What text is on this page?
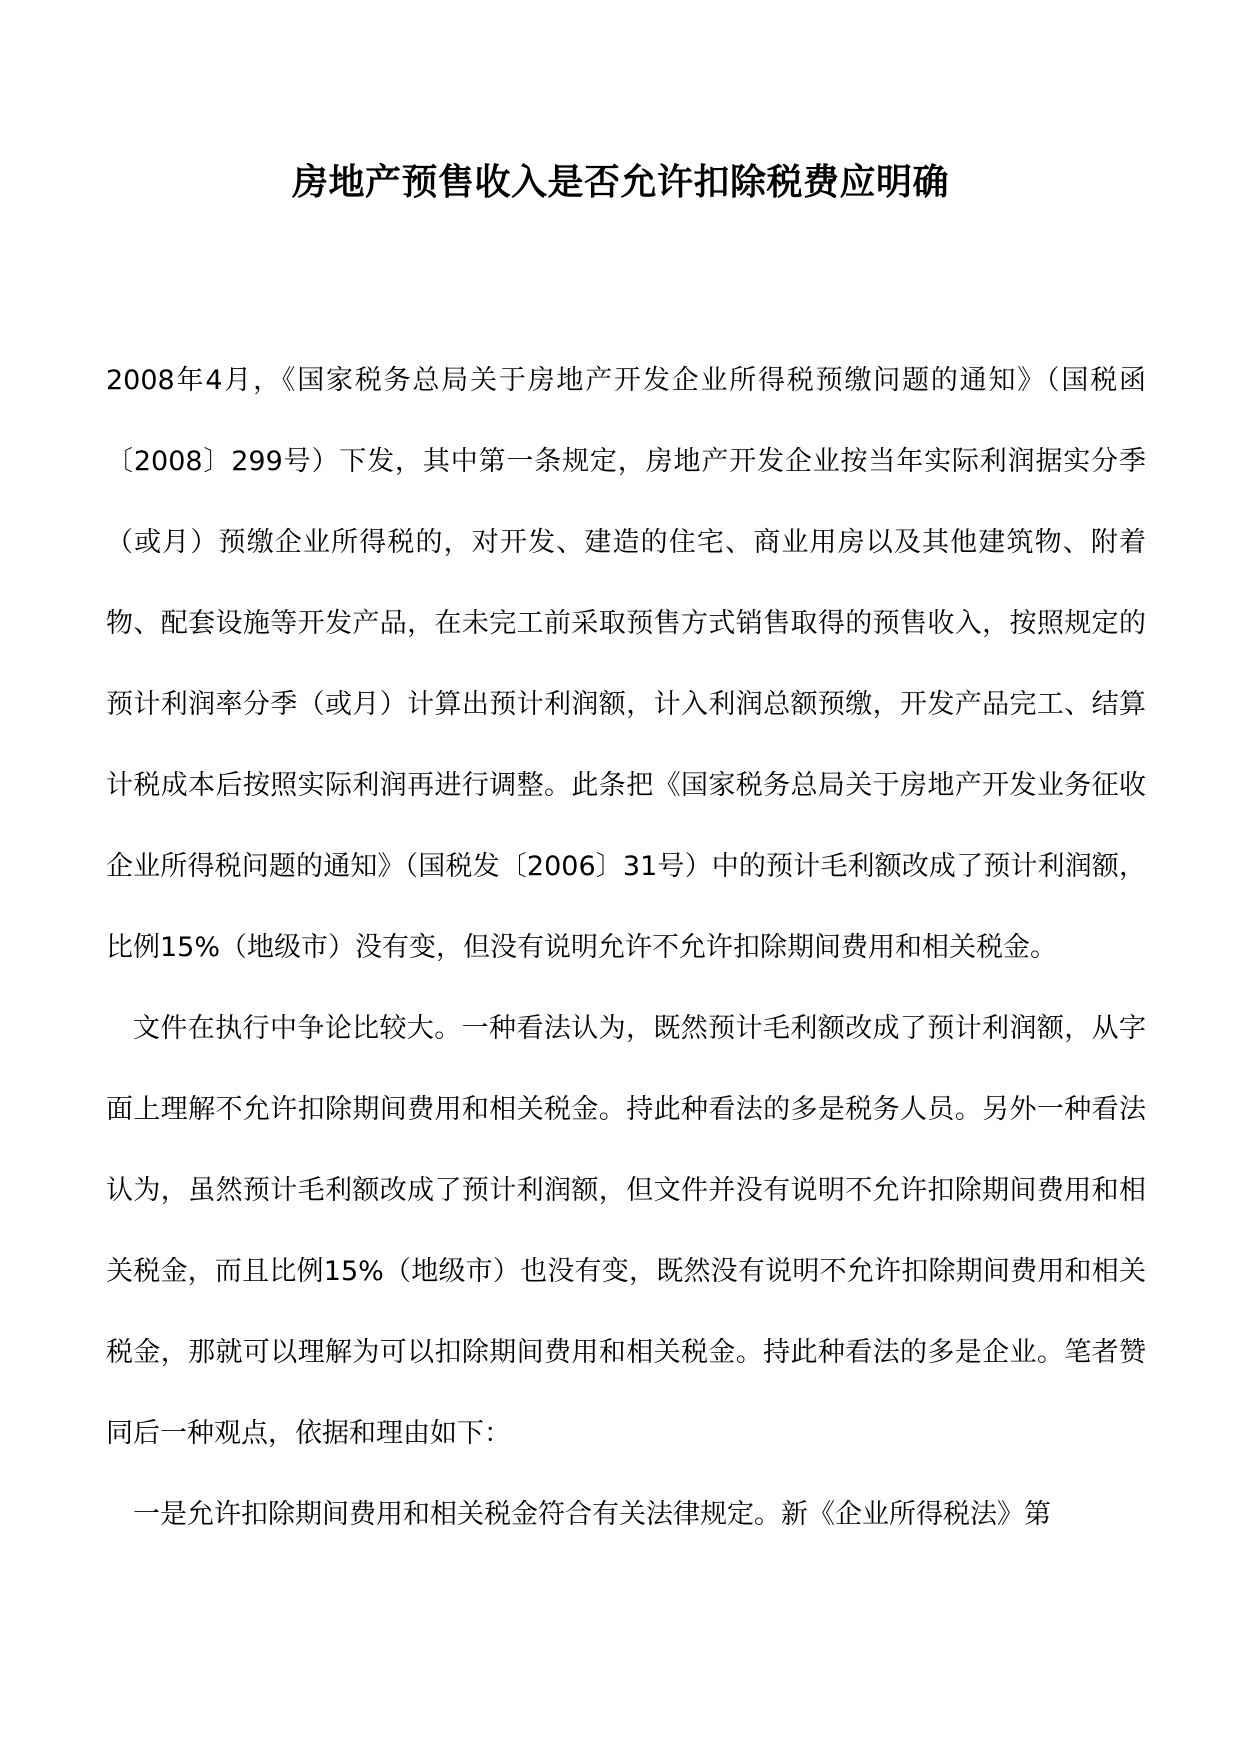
房地产预售收入是否允许扣除税费应明确

2008年4月，《国家税务总局关于房地产开发企业所得税预缴问题的通知》（国税函〔2008〕299号）下发，其中第一条规定，房地产开发企业按当年实际利润据实分季（或月）预缴企业所得税的，对开发、建造的住宅、商业用房以及其他建筑物、附着物、配套设施等开发产品，在未完工前采取预售方式销售取得的预售收入，按照规定的预计利润率分季（或月）计算出预计利润额，计入利润总额预缴，开发产品完工、结算计税成本后按照实际利润再进行调整。此条把《国家税务总局关于房地产开发业务征收企业所得税问题的通知》（国税发〔2006〕31号）中的预计毛利额改成了预计利润额，比例15%（地级市）没有变，但没有说明允许不允许扣除期间费用和相关税金。

文件在执行中争论比较大。一种看法认为，既然预计毛利额改成了预计利润额，从字面上理解不允许扣除期间费用和相关税金。持此种看法的多是税务人员。另外一种看法认为，虽然预计毛利额改成了预计利润额，但文件并没有说明不允许扣除期间费用和相关税金，而且比例15%（地级市）也没有变，既然没有说明不允许扣除期间费用和相关税金，那就可以理解为可以扣除期间费用和相关税金。持此种看法的多是企业。笔者赞同后一种观点，依据和理由如下：

一是允许扣除期间费用和相关税金符合有关法律规定。新《企业所得税法》第
